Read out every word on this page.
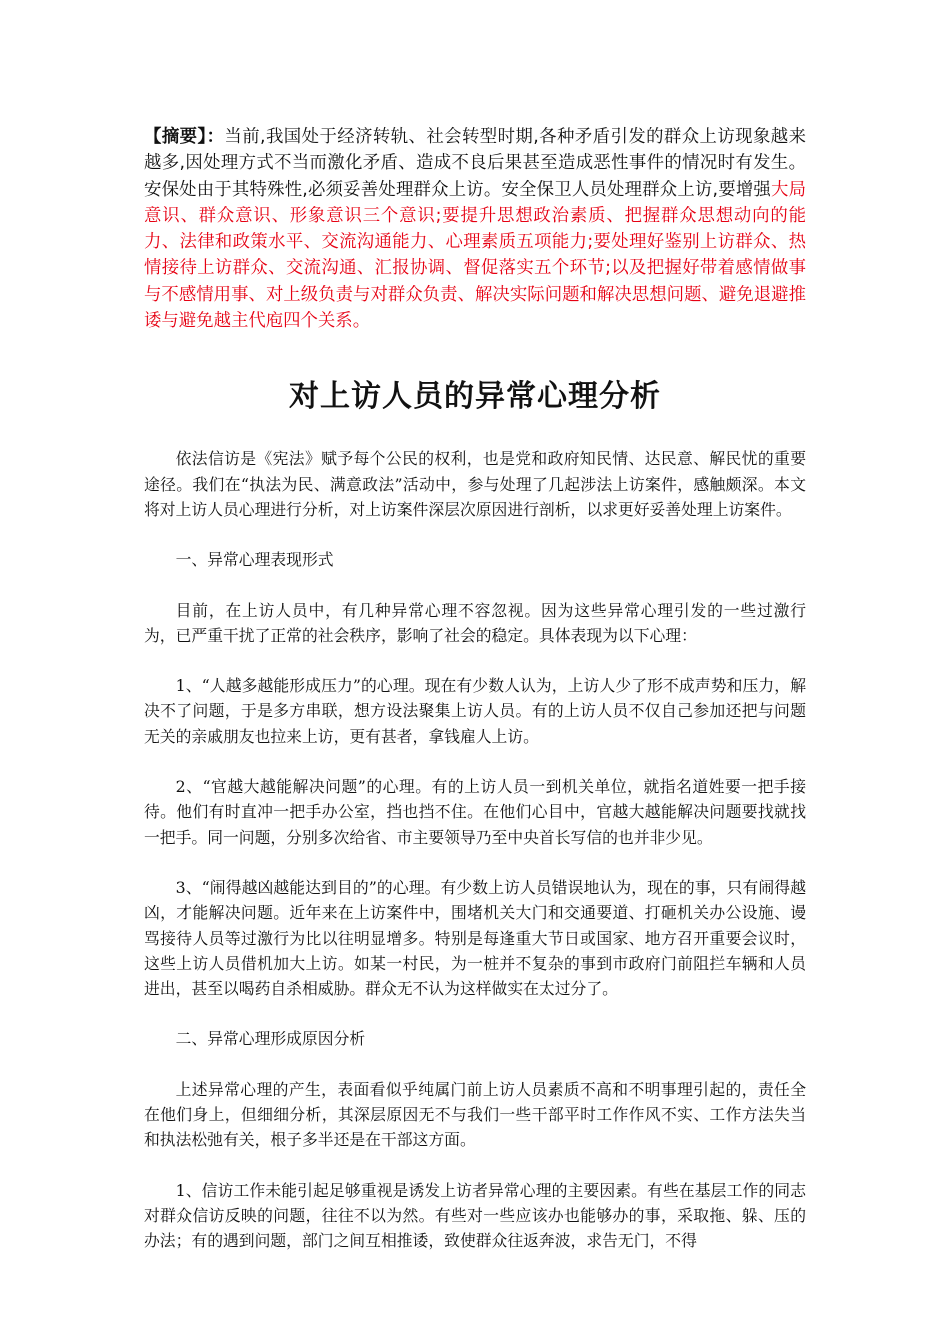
【摘要】：当前,我国处于经济转轨、社会转型时期,各种矛盾引发的群众上访现象越来越多,因处理方式不当而激化矛盾、造成不良后果甚至造成恶性事件的情况时有发生。安保处由于其特殊性,必须妥善处理群众上访。安全保卫人员处理群众上访,要增强大局意识、群众意识、形象意识三个意识;要提升思想政治素质、把握群众思想动向的能力、法律和政策水平、交流沟通能力、心理素质五项能力;要处理好鉴别上访群众、热情接待上访群众、交流沟通、汇报协调、督促落实五个环节;以及把握好带着感情做事与不感情用事、对上级负责与对群众负责、解决实际问题和解决思想问题、避免退避推诿与避免越主代庖四个关系。

对上访人员的异常心理分析

依法信访是《宪法》赋予每个公民的权利，也是党和政府知民情、达民意、解民忧的重要途径。我们在“执法为民、满意政法”活动中，参与处理了几起涉法上访案件，感触颇深。本文将对上访人员心理进行分析，对上访案件深层次原因进行剖析，以求更好妥善处理上访案件。

一、异常心理表现形式

目前，在上访人员中，有几种异常心理不容忽视。因为这些异常心理引发的一些过激行为，已严重干扰了正常的社会秩序，影响了社会的稳定。具体表现为以下心理：

1、“人越多越能形成压力”的心理。现在有少数人认为，上访人少了形不成声势和压力，解决不了问题，于是多方串联，想方设法聚集上访人员。有的上访人员不仅自己参加还把与问题无关的亲戚朋友也拉来上访，更有甚者，拿钱雇人上访。

2、“官越大越能解决问题”的心理。有的上访人员一到机关单位，就指名道姓要一把手接待。他们有时直冲一把手办公室，挡也挡不住。在他们心目中，官越大越能解决问题要找就找一把手。同一问题，分别多次给省、市主要领导乃至中央首长写信的也并非少见。

3、“闹得越凶越能达到目的”的心理。有少数上访人员错误地认为，现在的事，只有闹得越凶，才能解决问题。近年来在上访案件中，围堵机关大门和交通要道、打砸机关办公设施、谩骂接待人员等过激行为比以往明显增多。特别是每逢重大节日或国家、地方召开重要会议时，这些上访人员借机加大上访。如某一村民，为一桩并不复杂的事到市政府门前阻拦车辆和人员进出，甚至以喝药自杀相威胁。群众无不认为这样做实在太过分了。

二、异常心理形成原因分析

上述异常心理的产生，表面看似乎纯属门前上访人员素质不高和不明事理引起的，责任全在他们身上，但细细分析，其深层原因无不与我们一些干部平时工作作风不实、工作方法失当和执法松弛有关，根子多半还是在干部这方面。

1、信访工作未能引起足够重视是诱发上访者异常心理的主要因素。有些在基层工作的同志对群众信访反映的问题，往往不以为然。有些对一些应该办也能够办的事，采取拖、躲、压的办法；有的遇到问题，部门之间互相推诿，致使群众往返奔波，求告无门，不得
